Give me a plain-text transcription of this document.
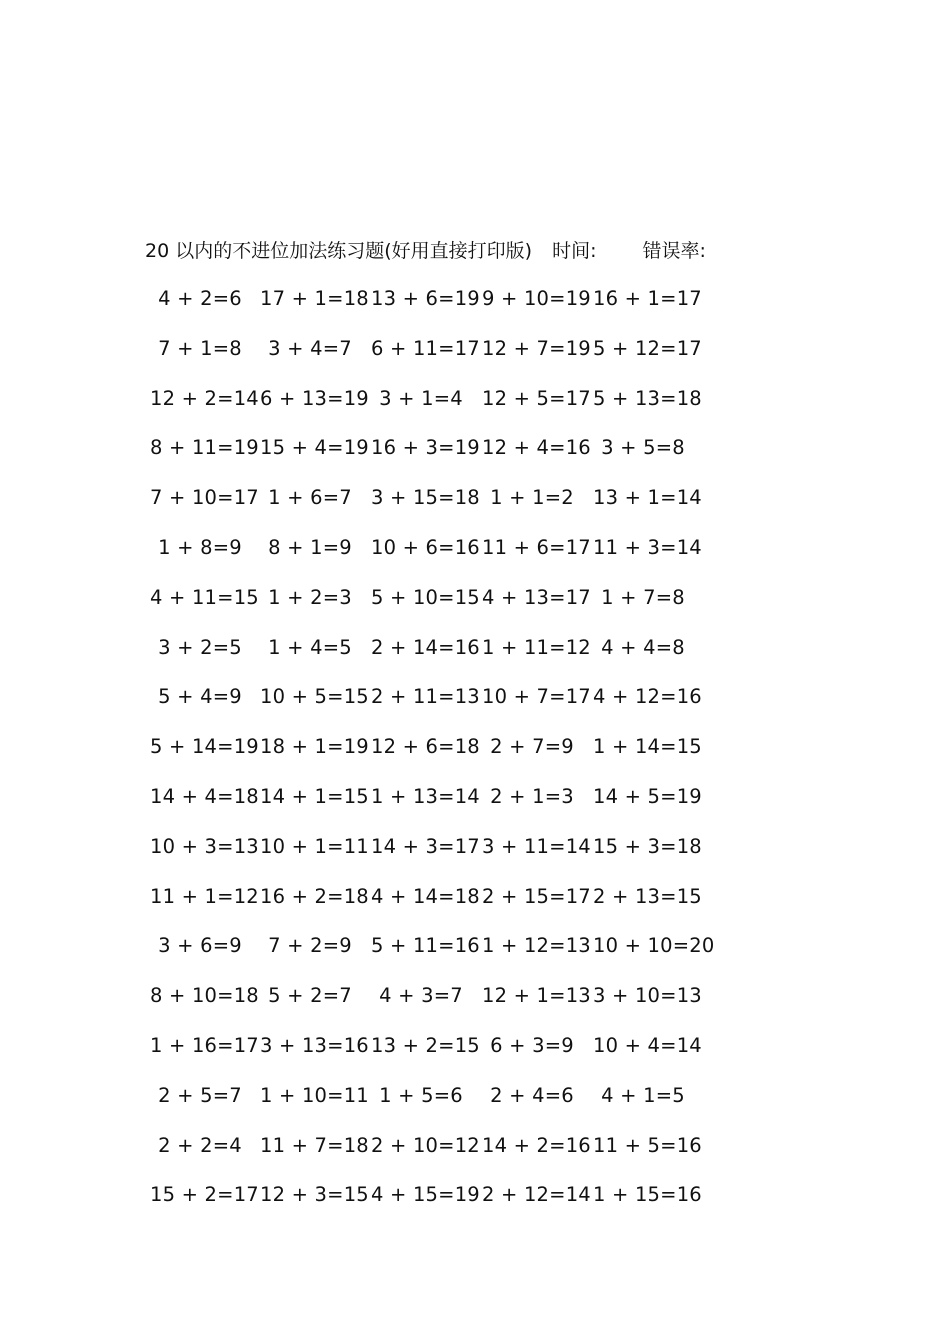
20 以内的不进位加法练习题(好用直接打印版) 时间: 错误率:
4 + 2=6 17 + 1=18 13 + 6=19 9 + 10=19 16 + 1=17
7 + 1=8	3 + 4=7 6 + 11=17 12 + 7=19 5 + 12=17
12 + 2=14 6 + 13=19 3 + 1=4 12 + 5=17 5 + 13=18
8 + 11=19 15 + 4=19 16 + 3=19 12 + 4=16 3 + 5=8
7 + 10=17 1 + 6=7 3 + 15=18 1 + 1=2 13 + 1=14
1 + 8=9	8 + 1=9 10 + 6=16 11 + 6=17 11 + 3=14
4 + 11=15 1 + 2=3 5 + 10=15 4 + 13=17 1 + 7=8
3 + 2=5	1 + 4=5 2 + 14=16 1 + 11=12 4 + 4=8
5 + 4=9 10 + 5=15 2 + 11=13 10 + 7=17 4 + 12=16
5 + 14=19 18 + 1=19 12 + 6=18 2 + 7=9 1 + 14=15
14 + 4=18 14 + 1=15 1 + 13=14 2 + 1=3 14 + 5=19
10 + 3=13 10 + 1=11 14 + 3=17 3 + 11=14 15 + 3=18
11 + 1=12 16 + 2=18 4 + 14=18 2 + 15=17 2 + 13=15
3 + 6=9	7 + 2=9 5 + 11=16 1 + 12=13 10 + 10=20
8 + 10=18 5 + 2=7	4 + 3=7 12 + 1=13 3 + 10=13
1 + 16=17 3 + 13=16 13 + 2=15 6 + 3=9 10 + 4=14
2 + 5=7 1 + 10=11 1 + 5=6	2 + 4=6	4 + 1=5
2 + 2=4 11 + 7=18 2 + 10=12 14 + 2=16 11 + 5=16
15 + 2=17 12 + 3=15 4 + 15=19 2 + 12=14 1 + 15=16
